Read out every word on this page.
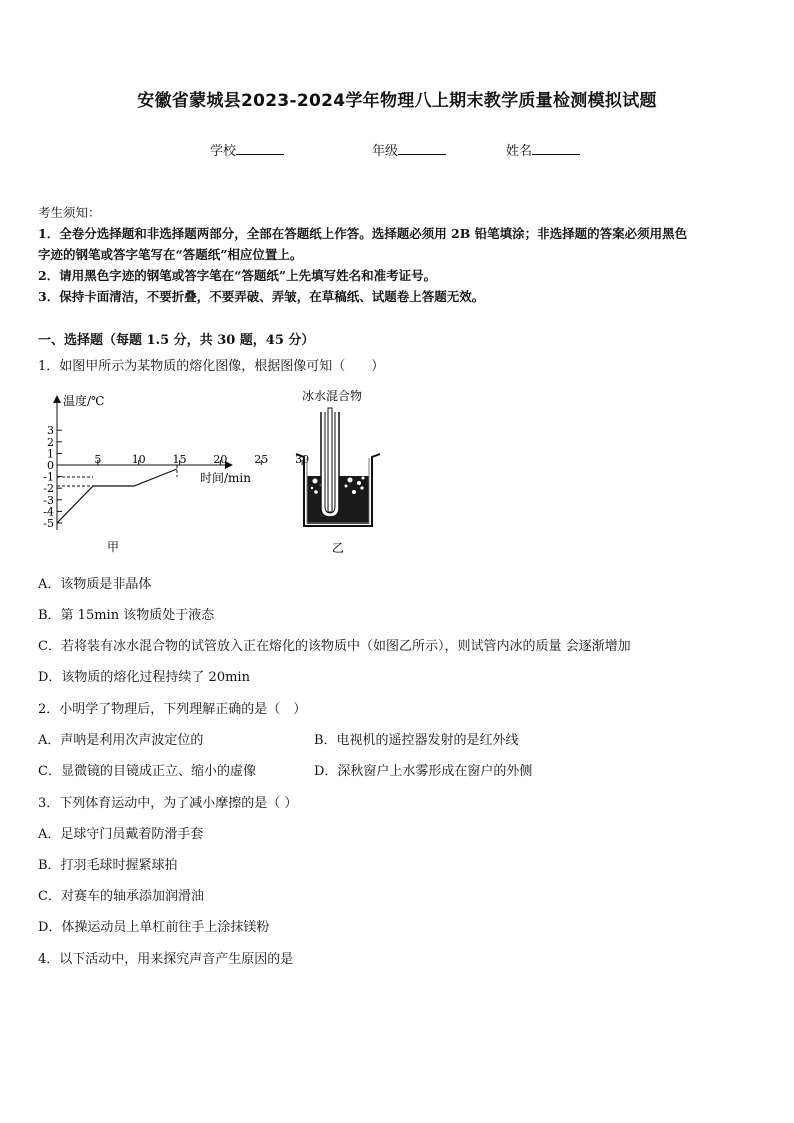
安徽省蒙城县2023-2024学年物理八上期末教学质量检测模拟试题
学校	年级	姓名
考生须知：
1．全卷分选择题和非选择题两部分，全部在答题纸上作答。选择题必须用 2B 铅笔填涂；非选择题的答案必须用黑色
字迹的钢笔或答字笔写在“答题纸”相应位置上。
2．请用黑色字迹的钢笔或答字笔在“答题纸”上先填写姓名和准考证号。
3．保持卡面清洁，不要折叠，不要弄破、弄皱，在草稿纸、试题卷上答题无效。
一、选择题（每题 1.5 分，共 30 题，45 分）
1．如图甲所示为某物质的熔化图像，根据图像可知（　　）
温度/℃
时间/min
3
2
1
0
-1
-2
-3
-4
-5
5	10 15 20 25 30
甲
冰水混合物
乙
A．该物质是非晶体
B．第 15min 该物质处于液态
C．若将装有冰水混合物的试管放入正在熔化的该物质中（如图乙所示），则试管内冰的质量 会逐渐增加
D．该物质的熔化过程持续了 20min
2．小明学了物理后，下列理解正确的是（　）
A．声呐是利用次声波定位的	B．电视机的遥控器发射的是红外线
C．显微镜的目镜成正立、缩小的虚像	D．深秋窗户上水雾形成在窗户的外侧
3．下列体育运动中，为了减小摩擦的是（ ）
A．足球守门员戴着防滑手套
B．打羽毛球时握紧球拍
C．对赛车的轴承添加润滑油
D．体操运动员上单杠前往手上涂抹镁粉
4．以下活动中，用来探究声音产生原因的是
